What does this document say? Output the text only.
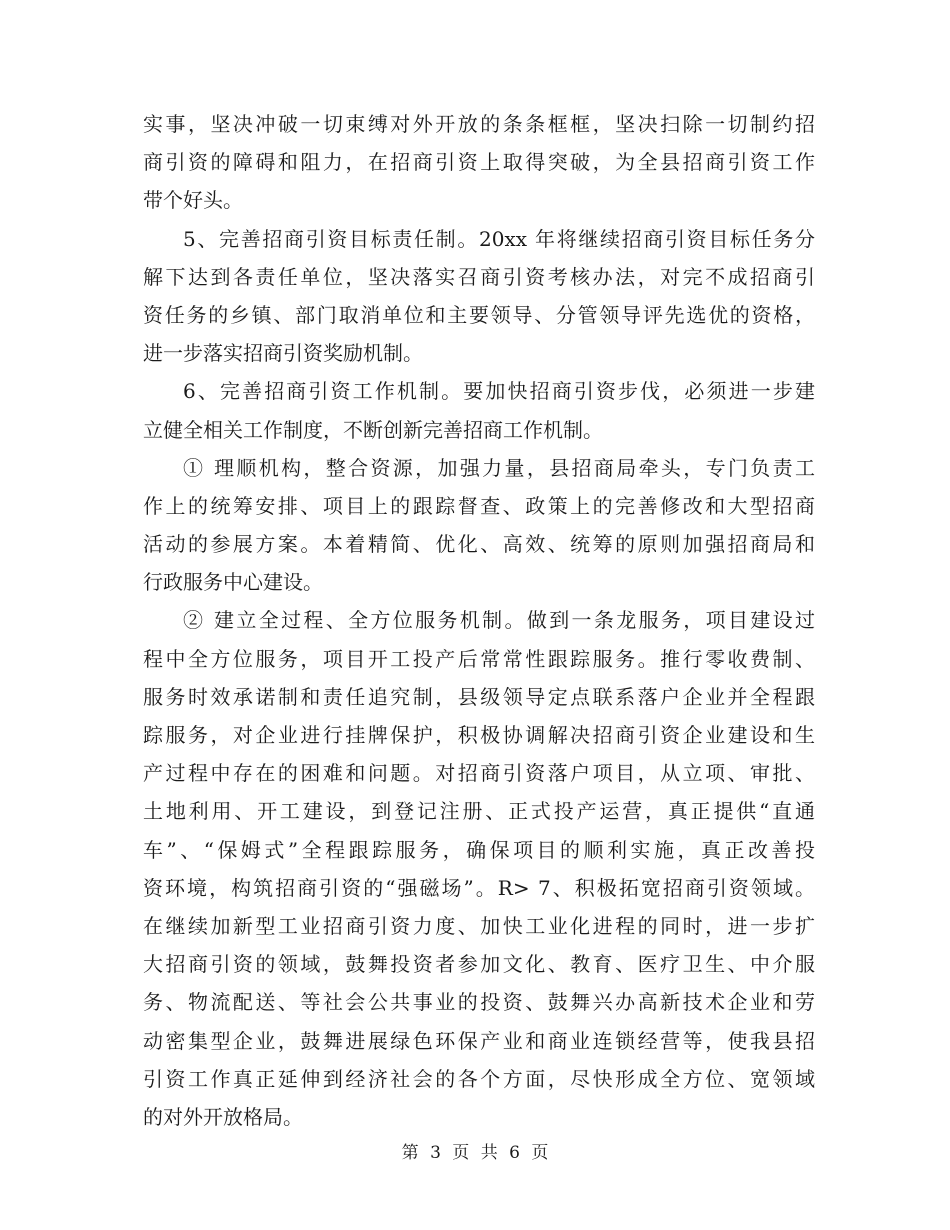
实事，坚决冲破一切束缚对外开放的条条框框，坚决扫除一切制约招
商引资的障碍和阻力，在招商引资上取得突破，为全县招商引资工作
带个好头。
5、完善招商引资目标责任制。20xx 年将继续招商引资目标任务分
解下达到各责任单位，坚决落实召商引资考核办法，对完不成招商引
资任务的乡镇、部门取消单位和主要领导、分管领导评先选优的资格，
进一步落实招商引资奖励机制。
6、完善招商引资工作机制。要加快招商引资步伐，必须进一步建
立健全相关工作制度，不断创新完善招商工作机制。
① 理顺机构，整合资源，加强力量，县招商局牵头，专门负责工
作上的统筹安排、项目上的跟踪督查、政策上的完善修改和大型招商
活动的参展方案。本着精简、优化、高效、统筹的原则加强招商局和
行政服务中心建设。
② 建立全过程、全方位服务机制。做到一条龙服务，项目建设过
程中全方位服务，项目开工投产后常常性跟踪服务。推行零收费制、
服务时效承诺制和责任追究制，县级领导定点联系落户企业并全程跟
踪服务，对企业进行挂牌保护，积极协调解决招商引资企业建设和生
产过程中存在的困难和问题。对招商引资落户项目，从立项、审批、
土地利用、开工建设，到登记注册、正式投产运营，真正提供“直通
车”、“保姆式”全程跟踪服务，确保项目的顺利实施，真正改善投
资环境，构筑招商引资的“强磁场”。R> 7、积极拓宽招商引资领域。
在继续加新型工业招商引资力度、加快工业化进程的同时，进一步扩
大招商引资的领域，鼓舞投资者参加文化、教育、医疗卫生、中介服
务、物流配送、等社会公共事业的投资、鼓舞兴办高新技术企业和劳
动密集型企业，鼓舞进展绿色环保产业和商业连锁经营等，使我县招
引资工作真正延伸到经济社会的各个方面，尽快形成全方位、宽领域
的对外开放格局。
第 3 页 共 6 页
